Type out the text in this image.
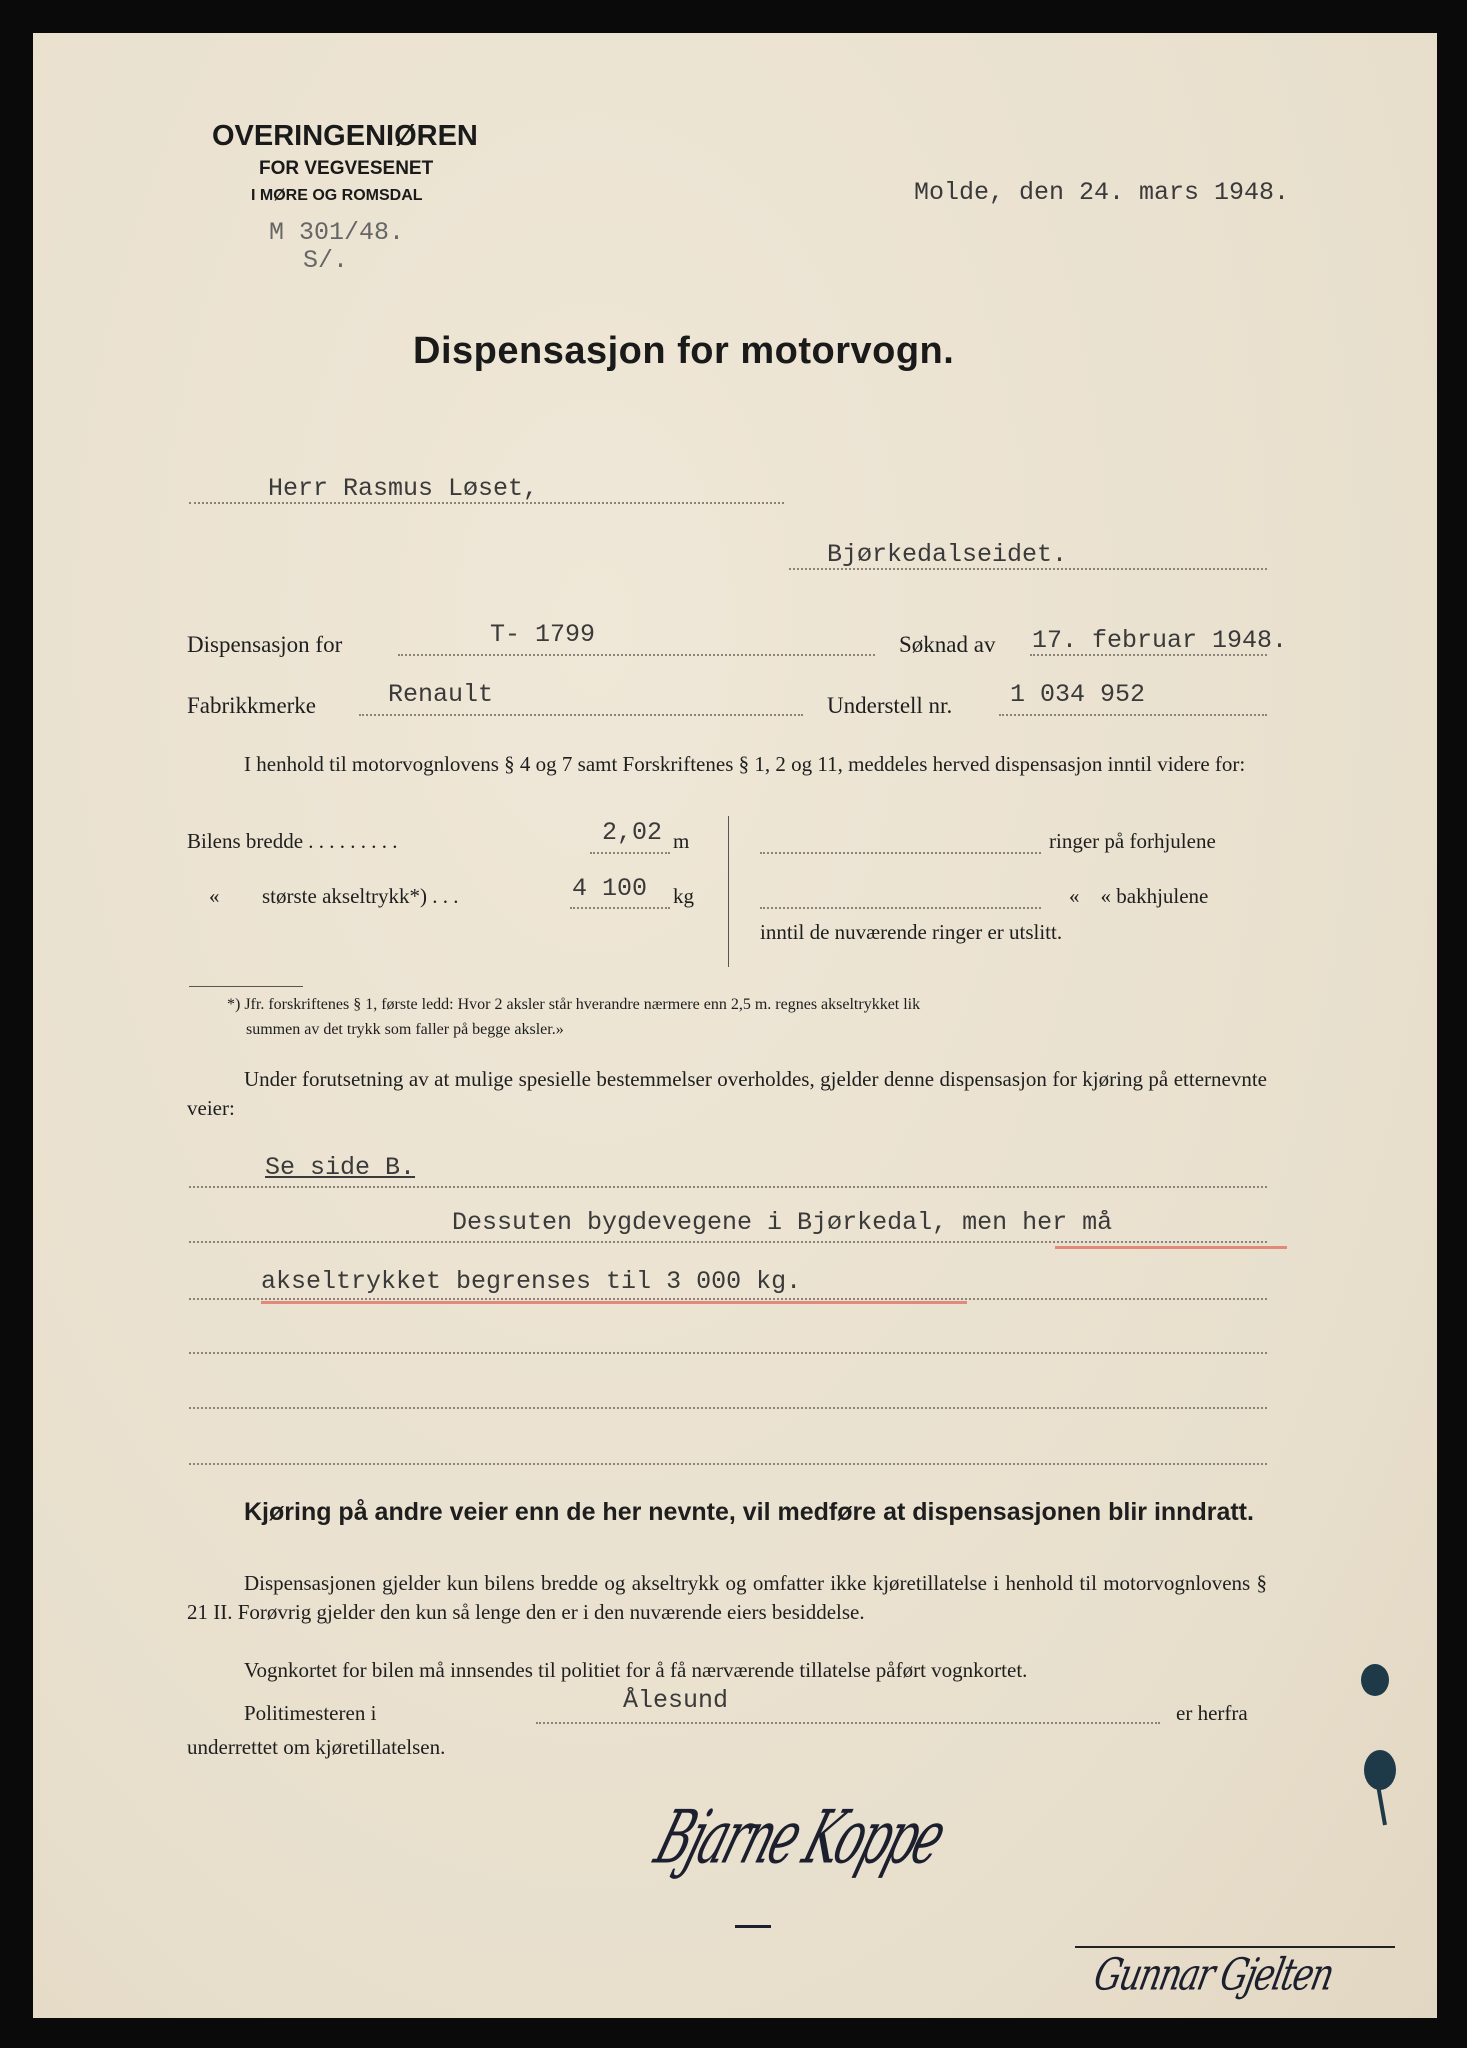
OVERINGENIØREN
FOR VEGVESENET
I MØRE OG ROMSDAL	Molde, den 24. mars 1948.
M 301/48.
S/.
Dispensasjon for motorvogn.
Herr Rasmus Løset,
Bjørkedalseidet.
Dispensasjon for	T- 1799	Søknad av 17. februar 1948.
Fabrikkmerke	Renault	Understell nr. 1 034 952
I henhold til motorvognlovens § 4 og 7 samt Forskriftenes § 1, 2 og 11, meddeles herved dispensasjon inntil videre for:
Bilens bredde . . . . . . . . .	2,02 m
« største akseltrykk*) . . .	4 100 kg
ringer på forhjulene
«    « bakhjulene
inntil de nuværende ringer er utslitt.
*) Jfr. forskriftenes § 1, første ledd: Hvor 2 aksler står hverandre nærmere enn 2,5 m. regnes akseltrykket lik
summen av det trykk som faller på begge aksler.»
Under forutsetning av at mulige spesielle bestemmelser overholdes, gjelder denne dispensasjon for kjøring på etternevnte veier:
Se side B.
Dessuten bygdevegene i Bjørkedal, men her må
akseltrykket begrenses til 3 000 kg.
Kjøring på andre veier enn de her nevnte, vil medføre at dispensasjonen blir inndratt.
Dispensasjonen gjelder kun bilens bredde og akseltrykk og omfatter ikke kjøretillatelse i henhold til motorvognlovens § 21 II. Forøvrig gjelder den kun så lenge den er i den nuværende eiers besiddelse.
Vognkortet for bilen må innsendes til politiet for å få nærværende tillatelse påført vognkortet.
Politimesteren i	Ålesund	er herfra
underrettet om kjøretillatelsen.
Bjarne Koppe
Gunnar Gjelten
